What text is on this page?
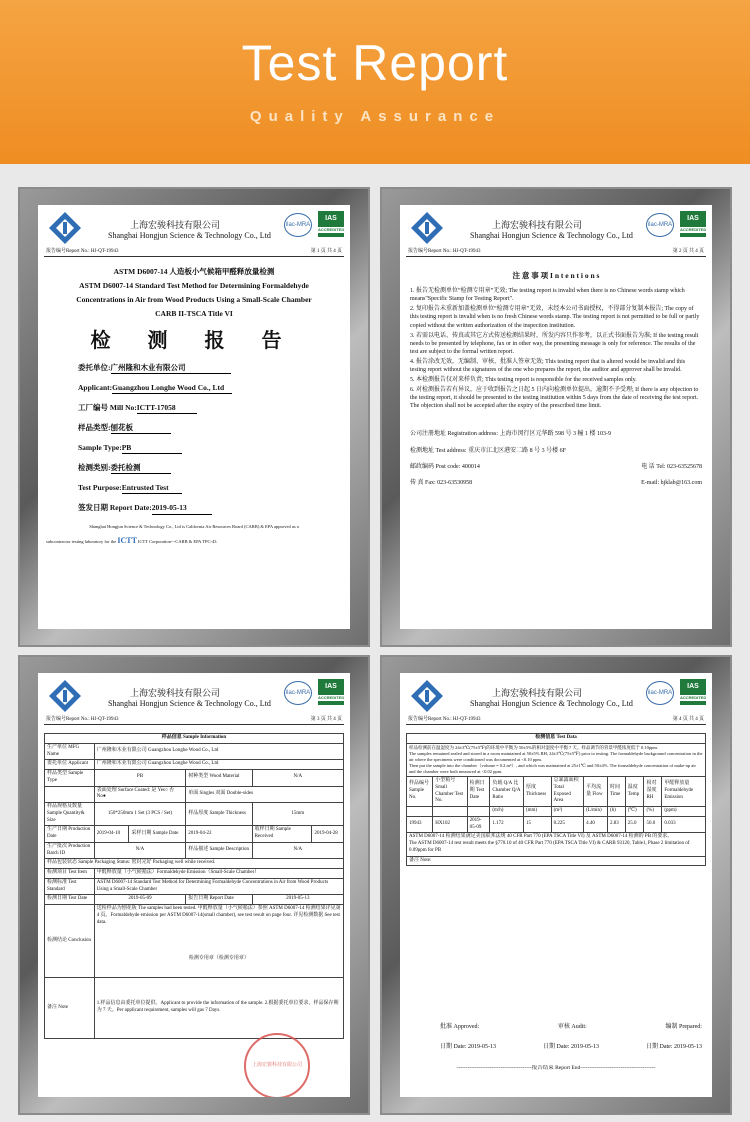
Test Report
Quality Assurance
上海宏骏科技有限公司
Shanghai Hongjun Science & Technology Co., Ltd
ilac-MRA
IAS
ACCREDITED
报告编号Report No.: HJ-QT-19943	第 1 页 共 4 页
ASTM D6007-14 人造板小气候箱甲醛释放量检测
ASTM D6007-14 Standard Test Method for Determining Formaldehyde
Concentrations in Air from Wood Products Using a Small-Scale Chamber
CARB II-TSCA Title VI
检 测 报 告
委托单位:广州隆和木业有限公司
Applicant:Guangzhou Longhe Wood Co., Ltd
工厂编号 Mill No:ICTT-17058
样品类型:刨花板
Sample Type:PB
检测类别:委托检测
Test Purpose:Entrusted Test
签发日期 Report Date:2019-05-13
Shanghai Hongjun Science & Technology Co., Ltd is California Air Resources Board (CARB) & EPA approved as a
subcontractor testing laboratory for the ICTT ICTT Corporation---CARB & EPA TPC-43
上海宏骏科技有限公司
Shanghai Hongjun Science & Technology Co., Ltd
ilac-MRA
IAS
ACCREDITED
报告编号Report No.: HJ-QT-19943	第 2 页 共 4 页
注 意 事 项 I n t e n t i o n s

1. 报告无检测单位“检测专用章”无效; The testing report is invalid when there is no Chinese words stamp which means"Specific Stamp for Testing Report".

2. 复印报告未重新加盖检测单位“检测专用章”无效，未经本公司书面授权，不得部分复制本报告; The copy of this testing report is invalid when is no fresh Chinese words stamp. The testing report is not permitted to be full or partly copied without the written authorization of the inspection institution.

3. 若需以电话、传真或其它方式传送检测结果时，所发内容只作参考，以正式书面报告为准; If the testing result needs to be presented by telephone, fax or in other way, the presenting message is only for reference. The results of the test are subject to the formal written report.

4. 报告涂改无效，无编制、审核、批准人签章无效; This testing report that is altered would be invalid and this testing report without the signatures of the one who prepares the report, the auditor and approver shall be invalid.

5. 本检测报告仅对来样负责; This testing report is responsible for the received samples only.

6. 对检测报告若有异议，应于收到报告之日起 5 日内向检测单位提出，逾期不予受理; If there is any objection to the testing report, it should be presented to the testing institution within 5 days from the date of receiving the test report. The objection shall not be accepted after the expiry of the prescribed time limit.

公司注册地址 Registration address: 上海市闵行区元华路 598 号 3 幢 1 楼 103-9
检测地址 Test address: 重庆市江北区港安二路 8 号 3 号楼 6F
邮政编码 Post code: 400014	电 话 Tel: 023-63525678
传 真 Fax: 023-63530958	E-mail: hjklab@163.com
上海宏骏科技有限公司
Shanghai Hongjun Science & Technology Co., Ltd
ilac-MRA
IAS
ACCREDITED
报告编号Report No.: HJ-QT-19943	第 3 页 共 4 页
样品信息 Sample Information					
生产单位 MFG Name	广州隆和木业有限公司 Guangzhou Longhe Wood Co., Ltd				
委托单位 Applicant	广州隆和木业有限公司 Guangzhou Longhe Wood Co., Ltd				
样品类型 Sample Type	PB		树种类型 Wood Material	N/A	
	表面处理 Surface Coated: 是 Yes○ 否 No●		单面 Singles 双面 Double-sides		
样品规格及数量 Sample Quantity& Size	150*250mm 1 Set (3 PCS / Set)		样品厚度 Sample Thickness	15mm	
生产日期 Production Date	2019-04-10	采样日期 Sample Date	2019-04-22	收样日期 Sample Received	2019-04-28
生产批次 Production Batch ID	N/A		样品描述 Sample Description	N/A	
样品包装状态 Sample Packaging Status: 密封完好 Packaging well while received.					
检测项目 Test Item	甲醛释放量（小气候箱法）Formaldehyde Emission（Small-Scale Chamber）				
检测标准 Test Standard	ASTM D6007-14 Standard Test Method for Determining Formaldehyde Concentrations in Air from Wood Products Using a Small-Scale Chamber				
检测日期 Test Date	2019-05-09		报告日期 Report Date	2019-05-13	
检测结论 Conclusion	送检样品为刨花板 The samples had been tested. 甲醛释放量（小气候箱法）参照 ASTM D6007-14 检测结果详见第 4 页。Formaldehyde emission per ASTM D6007-14(small chamber), see test result on page four. 详见检测数据 See test data.
检测专用章（检测专用章）				

备注 Note	1.样品信息由委托单位提供。Applicant to provide the information of the sample. 2.根据委托单位要求，样品保存期为 7 天。Per applicant requirement, samples will gas 7 Days.				
上海宏骏科技有限公司
上海宏骏科技有限公司
Shanghai Hongjun Science & Technology Co., Ltd
ilac-MRA
IAS
ACCREDITED
报告编号Report No.: HJ-QT-19943	第 4 页 共 4 页
检测信息 Test Data										

样品检测前在温湿度为 24±3℃(75±5℉)的环境中平衡为 50±5%的相对湿度中平衡 7 天。样品调节的背景甲醛浓度低于 0.10ppm.
The samples remained sealed and stored in a room maintained at 50±5% RH, 24±3℃(75±5℉) prior to testing. The formaldehyde background concentration in the air where the specimens were conditioned was documented at <0.10 ppm.
Then put the sample into the chamber（volume = 0.2 m³）, and which was maintained at 25±1℃ and 50±4%. The formaldehyde concentration of make-up air and the chamber were both measured at <0.02 ppm.										

样品编号 Sample No.	小型箱号 Small Chamber Test No.	检测日期 Test Date	负载 Q/A 比 Chamber Q/A Ratio	厚度 Thickness	总暴露面积 Total Exposed Area	平均流量 Flow	时间 Time	温度 Temp	相对湿度 RH	甲醛释放量 Formaldehyde Emission
			(m/h)	(mm)	(m²)	(L/min)	(h)	(℃)	(%)	(ppm)
19943	HX102	2019-05-09	1.172	15	0.225	4.40	2.83	25.0	50.0	0.033

ASTM D6007-14 检测结果满足美国联邦法规 40 CFR Part 770 (EPA TSCA Title VI) 及 ASTM D6007-14 检测的 PB 的要求。
The ASTM D6007-14 test result meets the §770.10 of 40 CFR Part 770 (EPA TSCA Title VI) & CARB 93120, Table1, Phase 2 limitation of 0.09ppm for PB										

备注 Note:										
批准 Approved:	审核 Audit:	编制 Prepared:
日期 Date: 2019-05-13	日期 Date: 2019-05-13	日期 Date: 2019-05-13
-----------------------------------------报告结束 Report End-----------------------------------------
